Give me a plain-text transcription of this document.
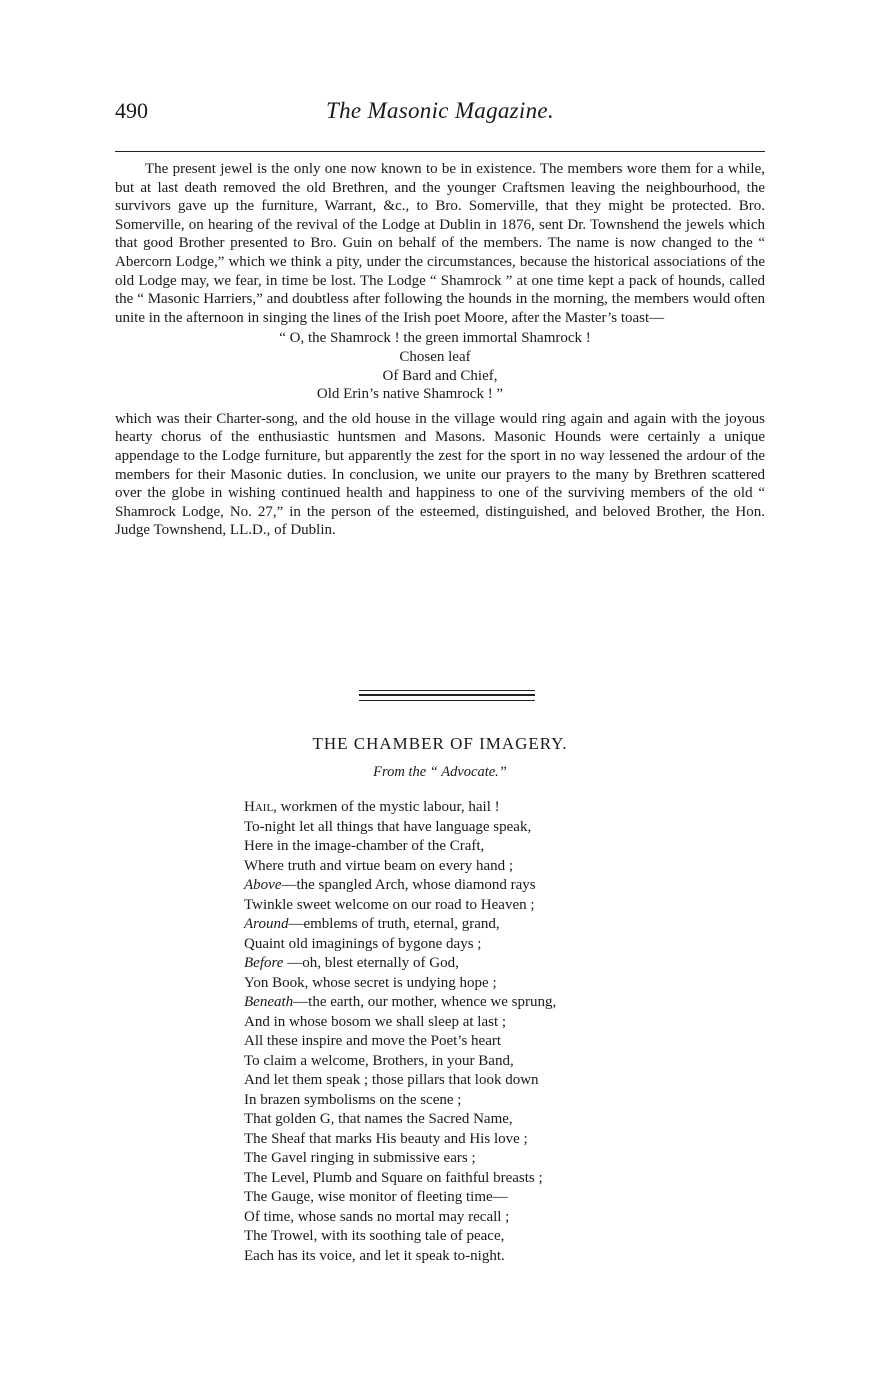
490	The Masonic Magazine.

The present jewel is the only one now known to be in existence. The members wore them for a while, but at last death removed the old Brethren, and the younger Craftsmen leaving the neighbourhood, the survivors gave up the furniture, Warrant, &c., to Bro. Somerville, that they might be protected. Bro. Somerville, on hearing of the revival of the Lodge at Dublin in 1876, sent Dr. Townshend the jewels which that good Brother presented to Bro. Guin on behalf of the members. The name is now changed to the “ Abercorn Lodge,” which we think a pity, under the circumstances, because the historical associations of the old Lodge may, we fear, in time be lost. The Lodge “ Shamrock ” at one time kept a pack of hounds, called the “ Masonic Harriers,” and doubtless after following the hounds in the morning, the members would often unite in the afternoon in singing the lines of the Irish poet Moore, after the Master’s toast—

“ O, the Shamrock ! the green immortal Shamrock !
Chosen leaf
Of Bard and Chief,
Old Erin’s native Shamrock ! ”

which was their Charter-song, and the old house in the village would ring again and again with the joyous hearty chorus of the enthusiastic huntsmen and Masons. Masonic Hounds were certainly a unique appendage to the Lodge furniture, but apparently the zest for the sport in no way lessened the ardour of the members for their Masonic duties. In conclusion, we unite our prayers to the many by Brethren scattered over the globe in wishing continued health and happiness to one of the surviving members of the old “ Shamrock Lodge, No. 27,” in the person of the esteemed, distinguished, and beloved Brother, the Hon. Judge Townshend, LL.D., of Dublin.

THE CHAMBER OF IMAGERY.
From the “ Advocate.”
Hail, workmen of the mystic labour, hail !
To-night let all things that have language speak,
Here in the image-chamber of the Craft,
Where truth and virtue beam on every hand ;
Above—the spangled Arch, whose diamond rays
Twinkle sweet welcome on our road to Heaven ;
Around—emblems of truth, eternal, grand,
Quaint old imaginings of bygone days ;
Before —oh, blest eternally of God,
Yon Book, whose secret is undying hope ;
Beneath—the earth, our mother, whence we sprung,
And in whose bosom we shall sleep at last ;
All these inspire and move the Poet’s heart
To claim a welcome, Brothers, in your Band,
And let them speak ; those pillars that look down
In brazen symbolisms on the scene ;
That golden G, that names the Sacred Name,
The Sheaf that marks His beauty and His love ;
The Gavel ringing in submissive ears ;
The Level, Plumb and Square on faithful breasts ;
The Gauge, wise monitor of fleeting time—
Of time, whose sands no mortal may recall ;
The Trowel, with its soothing tale of peace,
Each has its voice, and let it speak to-night.
